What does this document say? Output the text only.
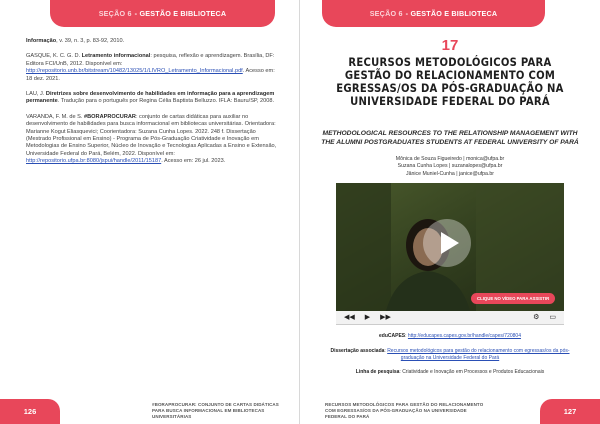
SEÇÃO 6 - GESTÃO E BIBLIOTECA

Informação, v. 39, n. 3, p. 83-92, 2010.

GASQUE, K. C. G. D. Letramento informacional: pesquisa, reflexão e aprendizagem. Brasília, DF: Editora FCI/UnB, 2012. Disponível em: http://repositorio.unb.br/bitstream/10482/13025/1/LIVRO_Letramento_Informacional.pdf. Acesso em: 18 dez. 2021.

LAU, J. Diretrizes sobre desenvolvimento de habilidades em informação para a aprendizagem permanente. Tradução para o português por Regina Célia Baptista Belluzzo. IFLA: Bauru/SP, 2008.

VARANDA, F. M. de S. #BORAPROCURAR: conjunto de cartas didáticas para auxiliar no desenvolvimento de habilidades para busca informacional em bibliotecas universitárias. Orientadora: Marianne Kogut Eliasquevici; Coorientadora: Suzana Cunha Lopes. 2022. 248 f. Dissertação (Mestrado Profissional em Ensino) - Programa de Pós-Graduação Criatividade e Inovação em Metodologias de Ensino Superior, Núcleo de Inovação e Tecnologias Aplicadas a Ensino e Extensão, Universidade Federal do Pará, Belém, 2022. Disponível em: http://repositorio.ufpa.br:8080/jspui/handle/2011/15187. Acesso em: 26 jul. 2023.

126
#BORAPROCURAR: CONJUNTO DE CARTAS DIDÁTICAS PARA BUSCA INFORMACIONAL EM BIBLIOTECAS UNIVERSITÁRIAS
SEÇÃO 6 - GESTÃO E BIBLIOTECA
17
RECURSOS METODOLÓGICOS PARA GESTÃO DO RELACIONAMENTO COM EGRESSAS/OS DA PÓS-GRADUAÇÃO NA UNIVERSIDADE FEDERAL DO PARÁ
METHODOLOGICAL RESOURCES TO THE RELATIONSHIP MANAGEMENT WITH THE ALUMNI POSTGRADUATES STUDENTS AT FEDERAL UNIVERSITY OF PARÁ
Mônica de Souza Figueiredo | monica@ufpa.br
Suzana Cunha Lopes | suzanalopes@ufpa.br
Jânice Muniel-Cunha | janice@ufpa.br
CLIQUE NO VÍDEO PARA ASSISTIR
◀◀ ▶ ▶▶	⚙ ▭
eduCAPES: http://educapes.capes.gov.br/handle/capes/720804
Dissertação associada: Recursos metodológicos para gestão do relacionamento com egressas/os da pós-graduação na Universidade Federal do Pará
Linha de pesquisa: Criatividade e Inovação em Processos e Produtos Educacionais
RECURSOS METODOLÓGICOS PARA GESTÃO DO RELACIONAMENTO COM EGRESSAS/OS DA PÓS-GRADUAÇÃO NA UNIVERSIDADE FEDERAL DO PARÁ
127
